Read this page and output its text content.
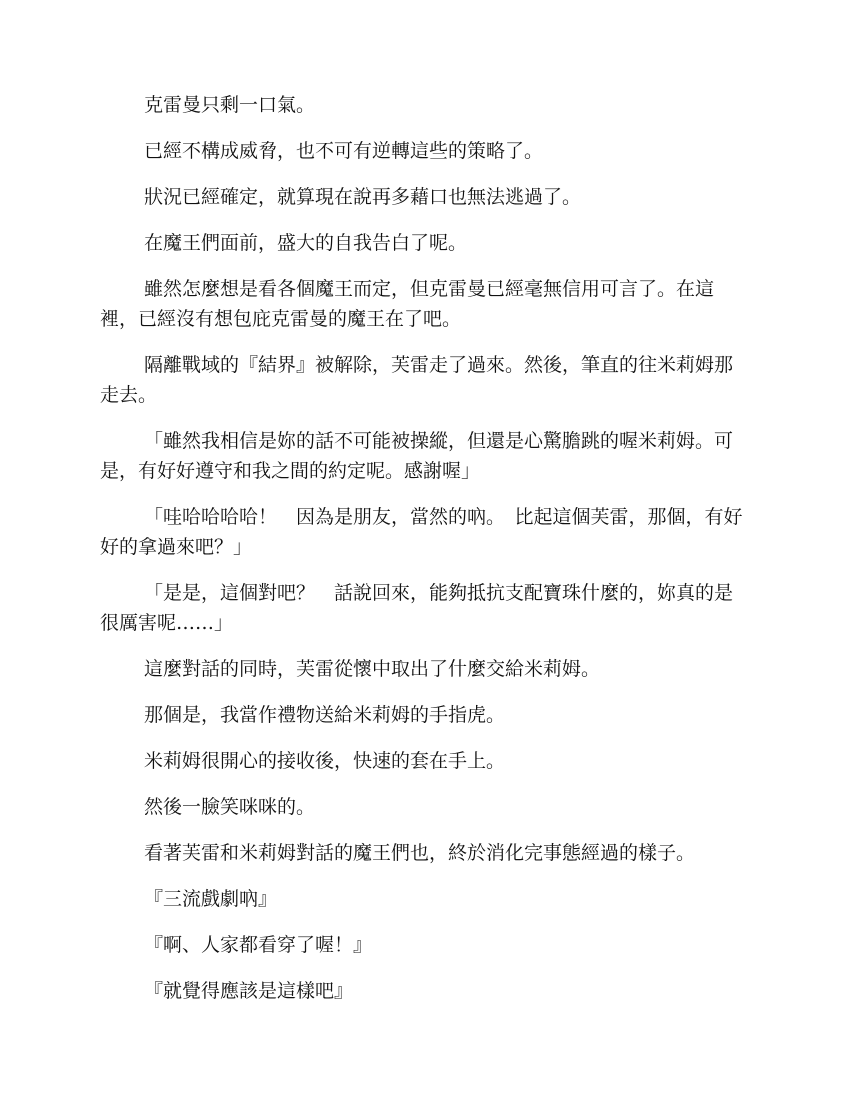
克雷曼只剩一口氣。

已經不構成威脅，也不可有逆轉這些的策略了。

狀況已經確定，就算現在說再多藉口也無法逃過了。

在魔王們面前，盛大的自我告白了呢。

雖然怎麼想是看各個魔王而定，但克雷曼已經毫無信用可言了。在這裡，已經沒有想包庇克雷曼的魔王在了吧。

隔離戰域的『結界』被解除，芙雷走了過來。然後，筆直的往米莉姆那走去。

「雖然我相信是妳的話不可能被操縱，但還是心驚膽跳的喔米莉姆。可是，有好好遵守和我之間的約定呢。感謝喔」

「哇哈哈哈哈！　因為是朋友，當然的吶。　比起這個芙雷，那個，有好好的拿過來吧？」

「是是，這個對吧？　話說回來，能夠抵抗支配寶珠什麼的，妳真的是很厲害呢……」

這麼對話的同時，芙雷從懷中取出了什麼交給米莉姆。

那個是，我當作禮物送給米莉姆的手指虎。

米莉姆很開心的接收後，快速的套在手上。

然後一臉笑咪咪的。

看著芙雷和米莉姆對話的魔王們也，終於消化完事態經過的樣子。

『三流戲劇吶』

『啊、人家都看穿了喔！』

『就覺得應該是這樣吧』
